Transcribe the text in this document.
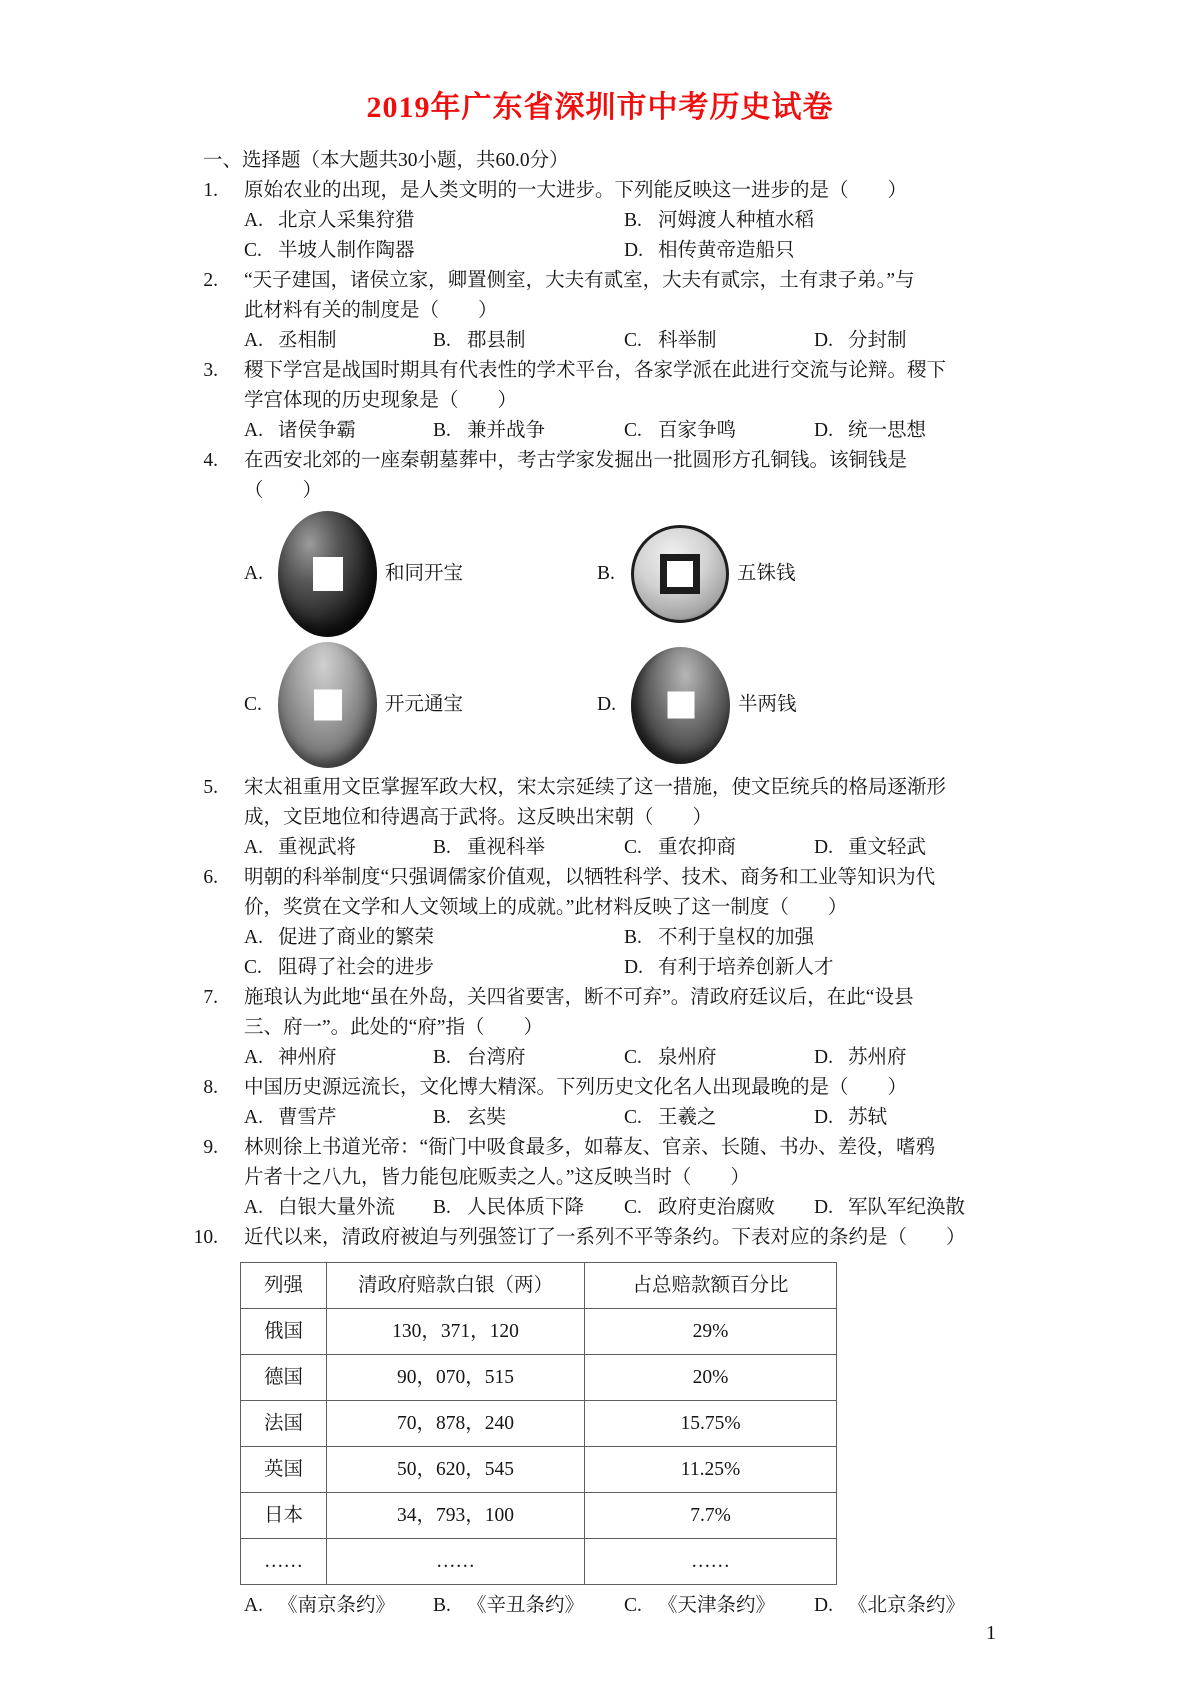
2019年广东省深圳市中考历史试卷
一、选择题（本大题共30小题，共60.0分）
1. 原始农业的出现，是人类文明的一大进步。下列能反映这一进步的是（　　）
A. 北京人采集狩猎	B. 河姆渡人种植水稻
C. 半坡人制作陶器	D. 相传黄帝造船只
2. “天子建国，诸侯立家，卿置侧室，大夫有贰室，大夫有贰宗，土有隶子弟。”与
此材料有关的制度是（　　）
A. 丞相制	B. 郡县制	C. 科举制	D. 分封制
3. 稷下学宫是战国时期具有代表性的学术平台，各家学派在此进行交流与论辩。稷下
学宫体现的历史现象是（　　）
A. 诸侯争霸	B. 兼并战争	C. 百家争鸣	D. 统一思想
4. 在西安北郊的一座秦朝墓葬中，考古学家发掘出一批圆形方孔铜钱。该铜钱是
（　　）
A.	和同开宝	B.	五铢钱
C.	开元通宝	D.	半两钱
5. 宋太祖重用文臣掌握军政大权，宋太宗延续了这一措施，使文臣统兵的格局逐渐形
成，文臣地位和待遇高于武将。这反映出宋朝（　　）
A. 重视武将	B. 重视科举	C. 重农抑商	D. 重文轻武
6. 明朝的科举制度“只强调儒家价值观，以牺牲科学、技术、商务和工业等知识为代
价，奖赏在文学和人文领域上的成就。”此材料反映了这一制度（　　）
A. 促进了商业的繁荣	B. 不利于皇权的加强
C. 阻碍了社会的进步	D. 有利于培养创新人才
7. 施琅认为此地“虽在外岛，关四省要害，断不可弃”。清政府廷议后，在此“设县
三、府一”。此处的“府”指（　　）
A. 神州府	B. 台湾府	C. 泉州府	D. 苏州府
8. 中国历史源远流长，文化博大精深。下列历史文化名人出现最晚的是（　　）
A. 曹雪芹	B. 玄奘	C. 王羲之	D. 苏轼
9. 林则徐上书道光帝：“衙门中吸食最多，如幕友、官亲、长随、书办、差役，嗜鸦
片者十之八九，皆力能包庇贩卖之人。”这反映当时（　　）
A. 白银大量外流	B. 人民体质下降	C. 政府吏治腐败	D. 军队军纪涣散
10. 近代以来，清政府被迫与列强签订了一系列不平等条约。下表对应的条约是（　　）
列强	清政府赔款白银（两）	占总赔款额百分比
俄国	130，371，120	29%
德国	90，070，515	20%
法国	70，878，240	15.75%
英国	50，620，545	11.25%
日本	34，793，100	7.7%
……	……	……
A. 《南京条约》	B. 《辛丑条约》	C. 《天津条约》	D. 《北京条约》
1
